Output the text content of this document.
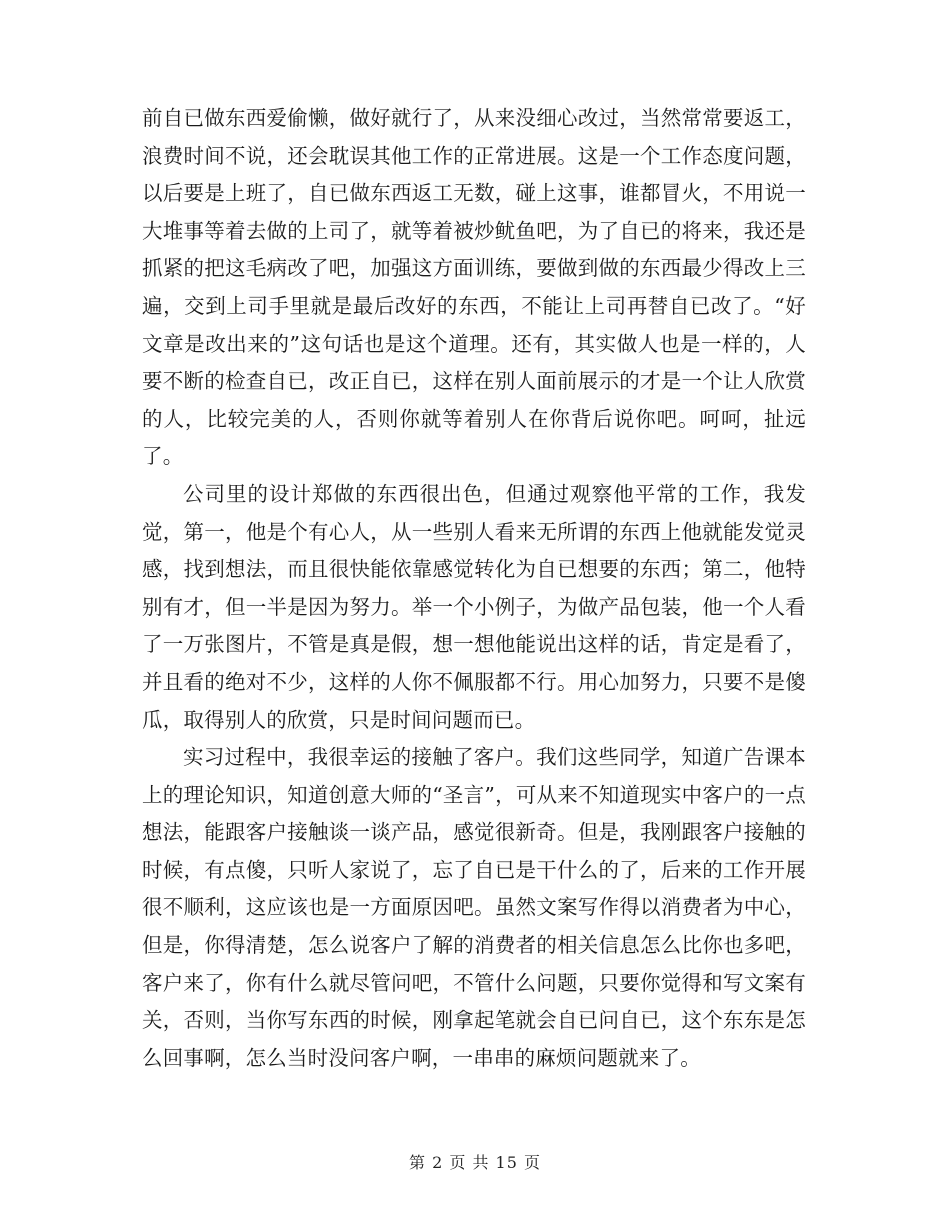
前自已做东西爱偷懒，做好就行了，从来没细心改过，当然常常要返工，浪费时间不说，还会耽误其他工作的正常进展。这是一个工作态度问题，以后要是上班了，自已做东西返工无数，碰上这事，谁都冒火，不用说一大堆事等着去做的上司了，就等着被炒鱿鱼吧，为了自已的将来，我还是抓紧的把这毛病改了吧，加强这方面训练，要做到做的东西最少得改上三遍，交到上司手里就是最后改好的东西，不能让上司再替自已改了。“好文章是改出来的”这句话也是这个道理。还有，其实做人也是一样的，人要不断的检查自已，改正自已，这样在别人面前展示的才是一个让人欣赏的人，比较完美的人，否则你就等着别人在你背后说你吧。呵呵，扯远了。

公司里的设计郑做的东西很出色，但通过观察他平常的工作，我发觉，第一，他是个有心人，从一些别人看来无所谓的东西上他就能发觉灵感，找到想法，而且很快能依靠感觉转化为自已想要的东西；第二，他特别有才，但一半是因为努力。举一个小例子，为做产品包装，他一个人看了一万张图片，不管是真是假，想一想他能说出这样的话，肯定是看了，并且看的绝对不少，这样的人你不佩服都不行。用心加努力，只要不是傻瓜，取得别人的欣赏，只是时间问题而已。

实习过程中，我很幸运的接触了客户。我们这些同学，知道广告课本上的理论知识，知道创意大师的“圣言”，可从来不知道现实中客户的一点想法，能跟客户接触谈一谈产品，感觉很新奇。但是，我刚跟客户接触的时候，有点傻，只听人家说了，忘了自已是干什么的了，后来的工作开展很不顺利，这应该也是一方面原因吧。虽然文案写作得以消费者为中心，但是，你得清楚，怎么说客户了解的消费者的相关信息怎么比你也多吧，客户来了，你有什么就尽管问吧，不管什么问题，只要你觉得和写文案有关，否则，当你写东西的时候，刚拿起笔就会自已问自已，这个东东是怎么回事啊，怎么当时没问客户啊，一串串的麻烦问题就来了。

第 2 页 共 15 页
